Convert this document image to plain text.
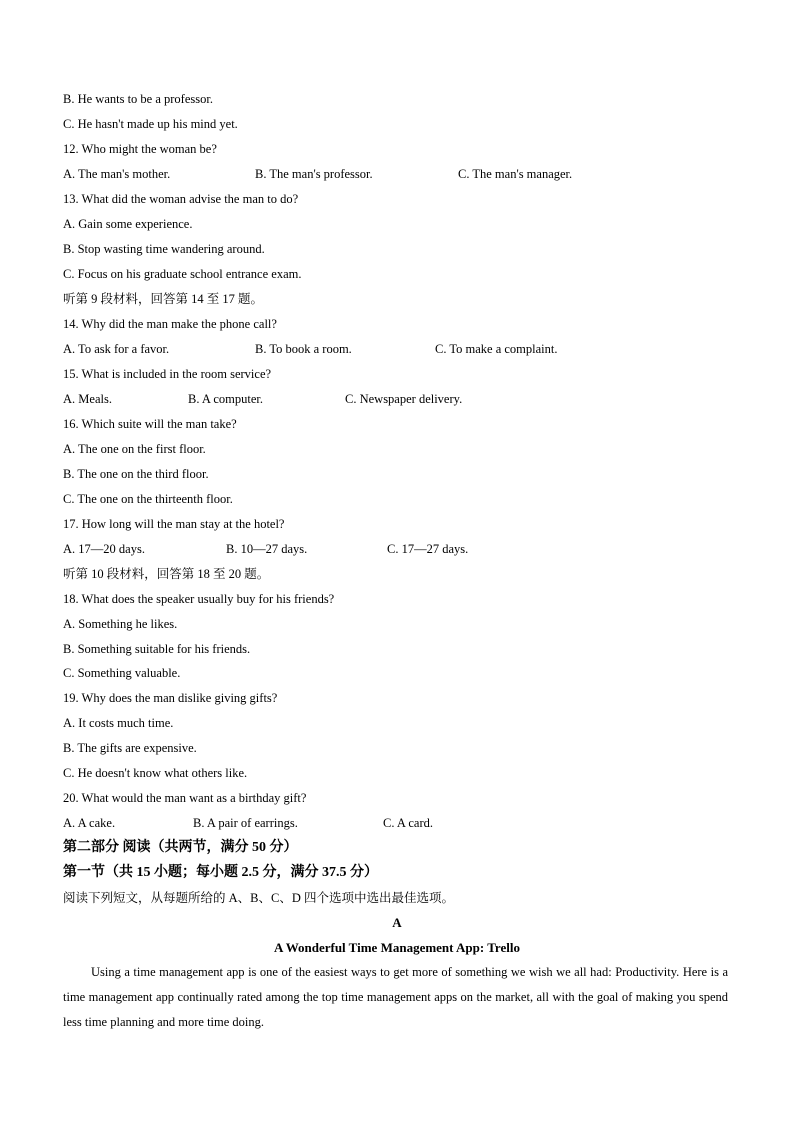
B. He wants to be a professor.
C. He hasn't made up his mind yet.
12. Who might the woman be?
A. The man's mother.	B. The man's professor.	C. The man's manager.
13. What did the woman advise the man to do?
A. Gain some experience.
B. Stop wasting time wandering around.
C. Focus on his graduate school entrance exam.
听第 9 段材料，回答第 14 至 17 题。
14. Why did the man make the phone call?
A. To ask for a favor.	B. To book a room.	C. To make a complaint.
15. What is included in the room service?
A. Meals.	B. A computer.	C. Newspaper delivery.
16. Which suite will the man take?
A. The one on the first floor.
B. The one on the third floor.
C. The one on the thirteenth floor.
17. How long will the man stay at the hotel?
A. 17—20 days.	B. 10—27 days.	C. 17—27 days.
听第 10 段材料，回答第 18 至 20 题。
18. What does the speaker usually buy for his friends?
A. Something he likes.
B. Something suitable for his friends.
C. Something valuable.
19. Why does the man dislike giving gifts?
A. It costs much time.
B. The gifts are expensive.
C. He doesn't know what others like.
20. What would the man want as a birthday gift?
A. A cake.	B. A pair of earrings.	C. A card.
第二部分 阅读（共两节，满分 50 分）
第一节（共 15 小题；每小题 2.5 分，满分 37.5 分）
阅读下列短文，从每题所给的 A、B、C、D 四个选项中选出最佳选项。
A
A Wonderful Time Management App: Trello
Using a time management app is one of the easiest ways to get more of something we wish we all had: Productivity. Here is a time management app continually rated among the top time management apps on the market, all with the goal of making you spend less time planning and more time doing.
